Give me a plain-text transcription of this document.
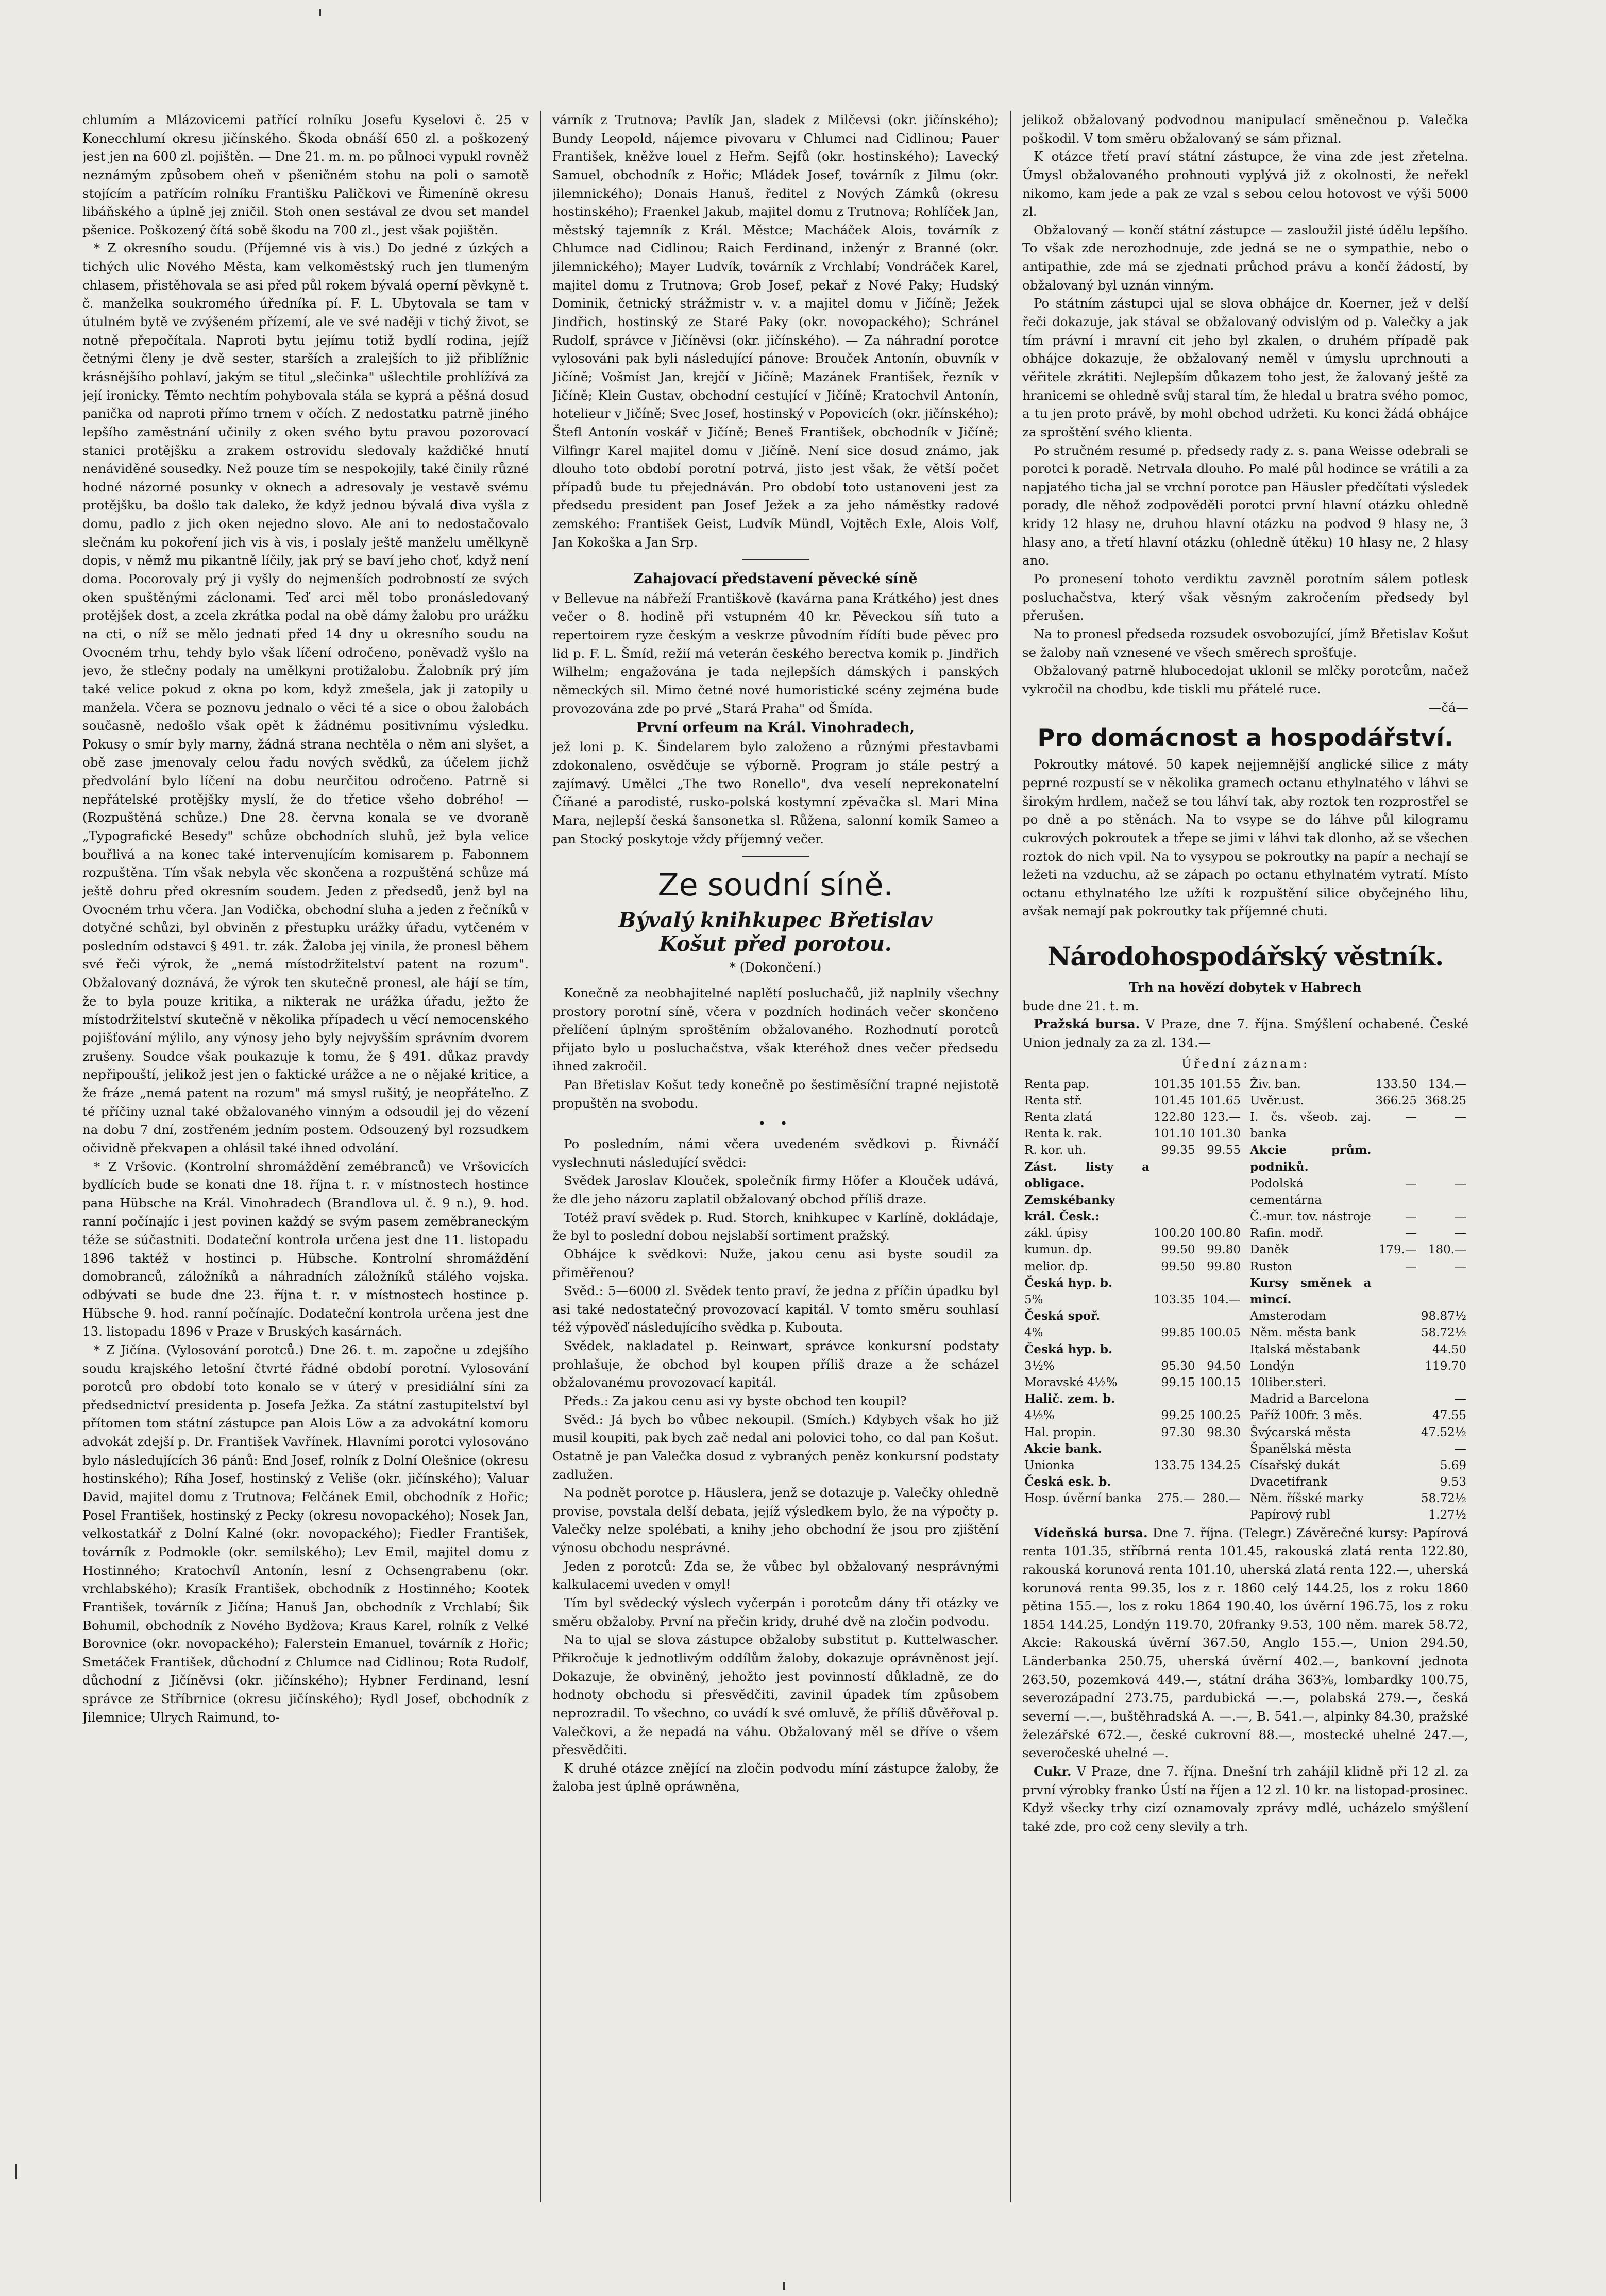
chlumím a Mlázovicemi patřící rolníku Josefu Kyselovi č. 25 v Konecchlumí okresu jičínského. Škoda obnáší 650 zl. a poškozený jest jen na 600 zl. pojištěn. — Dne 21. m. m. po půlnoci vypukl rovněž neznámým způsobem oheň v pšeničném stohu na poli o samotě stojícím a patřícím rolníku Františku Paličkovi ve Řimeníně okresu libáňského a úplně jej zničil. Stoh onen sestával ze dvou set mandel pšenice. Poškozený čítá sobě škodu na 700 zl., jest však pojištěn.

* Z okresního soudu. (Příjemné vis à vis.) Do jedné z úzkých a tichých ulic Nového Města, kam velkoměstský ruch jen tlumeným chlasem, přistěhovala se asi před půl rokem bývalá operní pěvkyně t. č. manželka soukromého úředníka pí. F. L. Ubytovala se tam v útulném bytě ve zvýšeném přízemí, ale ve své naději v tichý život, se notně přepočítala. Naproti bytu jejímu totiž bydlí rodina, jejíž četnými členy je dvě sester, starších a zralejších to již přiblížnic krásnějšího pohlaví, jakým se titul „slečinka" ušlechtile prohlížívá za její ironicky. Těmto nechtím pohybovala stála se kyprá a pěšná dosud panička od naproti přímo trnem v očích. Z nedostatku patrně jiného lepšího zaměstnání učinily z oken svého bytu pravou pozorovací stanici protějšku a zrakem ostrovidu sledovaly každičké hnutí nenáviděné sousedky. Než pouze tím se nespokojily, také činily různé hodné názorné posunky v oknech a adresovaly je vestavě svému protějšku, ba došlo tak daleko, že když jednou bývalá diva vyšla z domu, padlo z jich oken nejedno slovo. Ale ani to nedostačovalo slečnám ku pokoření jich vis à vis, i poslaly ještě manželu umělkyně dopis, v němž mu pikantně líčily, jak prý se baví jeho choť, když není doma. Pocorovaly prý ji vyšly do nejmenších podrobností ze svých oken spuštěnými záclonami. Teď arci měl tobo pronásledovaný protějšek dost, a zcela zkrátka podal na obě dámy žalobu pro urážku na cti, o níž se mělo jednati před 14 dny u okresního soudu na Ovocném trhu, tehdy bylo však líčení odročeno, poněvadž vyšlo na jevo, že stlečny podaly na umělkyni protižalobu. Žalobník prý jím také velice pokud z okna po kom, když zmešela, jak ji zatopily u manžela. Včera se poznovu jednalo o věci té a sice o obou žalobách současně, nedošlo však opět k žádnému positivnímu výsledku. Pokusy o smír byly marny, žádná strana nechtěla o něm ani slyšet, a obě zase jmenovaly celou řadu nových svědků, za účelem jichž předvolání bylo líčení na dobu neurčitou odročeno. Patrně si nepřátelské protějšky myslí, že do třetice všeho dobrého! — (Rozpuštěná schůze.) Dne 28. června konala se ve dvoraně „Typografické Besedy" schůze obchodních sluhů, jež byla velice bouřlivá a na konec také intervenujícím komisarem p. Fabonnem rozpuštěna. Tím však nebyla věc skončena a rozpuštěná schůze má ještě dohru před okresním soudem. Jeden z předsedů, jenž byl na Ovocném trhu včera. Jan Vodička, obchodní sluha a jeden z řečníků v dotyčné schůzi, byl obviněn z přestupku urážky úřadu, vytčeném v posledním odstavci § 491. tr. zák. Žaloba jej vinila, že pronesl během své řeči výrok, že „nemá místodržitelství patent na rozum". Obžalovaný doznává, že výrok ten skutečně pronesl, ale hájí se tím, že to byla pouze kritika, a nikterak ne urážka úřadu, ježto že místodržitelství skutečně v několika případech u věcí nemocenského pojišťování mýlilo, any výnosy jeho byly nejvyšším správním dvorem zrušeny. Soudce však poukazuje k tomu, že § 491. důkaz pravdy nepřipouští, jelikož jest jen o faktické urážce a ne o nějaké kritice, a že fráze „nemá patent na rozum" má smysl rušitý, je neopřáteľno. Z té příčiny uznal také obžalovaného vinným a odsoudil jej do vězení na dobu 7 dní, zostřeném jedním postem. Odsouzený byl rozsudkem očividně překvapen a ohlásil také ihned odvolání.

* Z Vršovic. (Kontrolní shromáždění zemébranců) ve Vršovicích bydlících bude se konati dne 18. října t. r. v místnostech hostince pana Hübsche na Král. Vinohradech (Brandlova ul. č. 9 n.), 9. hod. ranní počínajíc i jest povinen každý se svým pasem zeměbraneckým téže se súčastniti. Dodateční kontrola určena jest dne 11. listopadu 1896 taktéž v hostinci p. Hübsche. Kontrolní shromáždění domobranců, záložníků a náhradních záložníků stálého vojska. odbývati se bude dne 23. října t. r. v místnostech hostince p. Hübsche 9. hod. ranní počínajíc. Dodateční kontrola určena jest dne 13. listopadu 1896 v Praze v Bruských kasárnách.

* Z Jičína. (Vylosování porotců.) Dne 26. t. m. započne u zdejšího soudu krajského letošní čtvrté řádné období porotní. Vylosování porotců pro období toto konalo se v úterý v presidiální síni za předsednictví presidenta p. Josefa Ježka. Za státní zastupitelství byl přítomen tom státní zástupce pan Alois Löw a za advokátní komoru advokát zdejší p. Dr. František Vavřínek. Hlavními porotci vylosováno bylo následujících 36 pánů: End Josef, rolník z Dolní Olešnice (okresu hostinského); Ríha Josef, hostinský z Veliše (okr. jičínského); Valuar David, majitel domu z Trutnova; Felčánek Emil, obchodník z Hořic; Posel František, hostinský z Pecky (okresu novopackého); Nosek Jan, velkostatkář z Dolní Kalné (okr. novopackého); Fiedler František, továrník z Podmokle (okr. semilského); Lev Emil, majitel domu z Hostinného; Kratochvíl Antonín, lesní z Ochsengrabenu (okr. vrchlabského); Krasík František, obchodník z Hostinného; Kootek František, továrník z Jičína; Hanuš Jan, obchodník z Vrchlabí; Šik Bohumil, obchodník z Nového Bydžova; Kraus Karel, rolník z Velké Borovnice (okr. novopackého); Falerstein Emanuel, továrník z Hořic; Smetáček František, důchodní z Chlumce nad Cidlinou; Rota Rudolf, důchodní z Jičíněvsi (okr. jičínského); Hybner Ferdinand, lesní správce ze Stříbrnice (okresu jičínského); Rydl Josef, obchodník z Jilemnice; Ulrych Raimund, to-

várník z Trutnova; Pavlík Jan, sladek z Milčevsi (okr. jičínského); Bundy Leopold, nájemce pivovaru v Chlumci nad Cidlinou; Pauer František, kněžve louel z Heřm. Sejfů (okr. hostinského); Lavecký Samuel, obchodník z Hořic; Mládek Josef, továrník z Jilmu (okr. jilemnického); Donais Hanuš, ředitel z Nových Zámků (okresu hostinského); Fraenkel Jakub, majitel domu z Trutnova; Rohlíček Jan, městský tajemník z Král. Městce; Macháček Alois, továrník z Chlumce nad Cidlinou; Raich Ferdinand, inženýr z Branné (okr. jilemnického); Mayer Ludvík, továrník z Vrchlabí; Vondráček Karel, majitel domu z Trutnova; Grob Josef, pekař z Nové Paky; Hudský Dominik, četnický strážmistr v. v. a majitel domu v Jičíně; Ježek Jindřich, hostinský ze Staré Paky (okr. novopackého); Schránel Rudolf, správce v Jičíněvsi (okr. jičínského). — Za náhradní porotce vylosováni pak byli následující pánove: Brouček Antonín, obuvník v Jičíně; Vošmíst Jan, krejčí v Jičíně; Mazánek František, řezník v Jičíně; Klein Gustav, obchodní cestující v Jičíně; Kratochvil Antonín, hotelieur v Jičíně; Svec Josef, hostinský v Popovicích (okr. jičínského); Štefl Antonín voskář v Jičíně; Beneš František, obchodník v Jičíně; Vilfingr Karel majitel domu v Jičíně. Není sice dosud známo, jak dlouho toto období porotní potrvá, jisto jest však, že větší počet případů bude tu přejednáván. Pro období toto ustanoveni jest za předsedu president pan Josef Ježek a za jeho náměstky radové zemského: František Geist, Ludvík Mündl, Vojtěch Exle, Alois Volf, Jan Kokoška a Jan Srp.

Zahajovací představení pěvecké síně

v Bellevue na nábřeží Františkově (kavárna pana Krátkého) jest dnes večer o 8. hodině při vstupném 40 kr. Pěveckou síň tuto a repertoirem ryze českým a veskrze původním řídíti bude pěvec pro lid p. F. L. Šmíd, režií má veterán českého berectva komik p. Jindřich Wilhelm; engažována je tada nejlepších dámských i panských německých sil. Mimo četné nové humoristické scény zejména bude provozována zde po prvé „Stará Praha" od Šmída.

První orfeum na Král. Vinohradech,

jež loni p. K. Šindelarem bylo založeno a různými přestavbami zdokonaleno, osvědčuje se výborně. Program jo stále pestrý a zajímavý. Umělci „The two Ronello", dva veselí neprekonatelní Číňané a parodisté, rusko-polská kostymní zpěvačka sl. Mari Mina Mara, nejlepší česká šansonetka sl. Růžena, salonní komik Sameo a pan Stocký poskytoje vždy příjemný večer.

Ze soudní síně.
Bývalý knihkupec Břetislav
Košut před porotou.
* (Dokončení.)

Konečně za neobhajitelné naplětí posluchačů, již naplnily všechny prostory porotní síně, včera v pozdních hodinách večer skončeno přelíčení úplným sproštěním obžalovaného. Rozhodnutí porotců přijato bylo u posluchačstva, však kteréhož dnes večer předsedu ihned zakročil.

Pan Břetislav Košut tedy konečně po šestiměsíční trapné nejistotě propuštěn na svobodu.

• •

Po posledním, námi včera uvedeném svědkovi p. Řivnáčí vyslechnuti následující svědci:

Svědek Jaroslav Klouček, společník firmy Höfer a Klouček udává, že dle jeho názoru zaplatil obžalovaný obchod příliš draze.

Totéž praví svědek p. Rud. Storch, knihkupec v Karlíně, dokládaje, že byl to poslední dobou nejslabší sortiment pražský.

Obhájce k svědkovi: Nuže, jakou cenu asi byste soudil za přiměřenou?

Svěd.: 5—6000 zl. Svědek tento praví, že jedna z příčin úpadku byl asi také nedostatečný provozovací kapitál. V tomto směru souhlasí též výpověď následujícího svědka p. Kubouta.

Svědek, nakladatel p. Reinwart, správce konkursní podstaty prohlašuje, že obchod byl koupen příliš draze a že scházel obžalovanému provozovací kapitál.

Předs.: Za jakou cenu asi vy byste obchod ten koupil?

Svěd.: Já bych bo vůbec nekoupil. (Smích.) Kdybych však ho již musil koupiti, pak bych zač nedal ani polovici toho, co dal pan Košut. Ostatně je pan Valečka dosud z vybraných peněz konkursní podstaty zadlužen.

Na podnět porotce p. Häuslera, jenž se dotazuje p. Valečky ohledně provise, povstala delší debata, jejíž výsledkem bylo, že na výpočty p. Valečky nelze spolébati, a knihy jeho obchodní že jsou pro zjištění výnosu obchodu nesprávné.

Jeden z porotců: Zda se, že vůbec byl obžalovaný nesprávnými kalkulacemi uveden v omyl!

Tím byl svědecký výslech vyčerpán i porotcům dány tři otázky ve směru obžaloby. První na přečin kridy, druhé dvě na zločin podvodu.

Na to ujal se slova zástupce obžaloby substitut p. Kuttelwascher. Přikročuje k jednotlivým oddílům žaloby, dokazuje oprávněnost její. Dokazuje, že obviněný, jehožto jest povinností důkladně, ze do hodnoty obchodu si přesvědčiti, zavinil úpadek tím způsobem neprozradil. To všechno, co uvádí k své omluvě, že příliš důvěřoval p. Valečkovi, a že nepadá na váhu. Obžalovaný měl se dříve o všem přesvědčiti.

K druhé otázce znějící na zločin podvodu míní zástupce žaloby, že žaloba jest úplně opráwněna,

jelikož obžalovaný podvodnou manipulací směnečnou p. Valečka poškodil. V tom směru obžalovaný se sám přiznal.

K otázce třetí praví státní zástupce, že vina zde jest zřetelna. Úmysl obžalovaného prohnouti vyplývá již z okolnosti, že neřekl nikomo, kam jede a pak ze vzal s sebou celou hotovost ve výši 5000 zl.

Obžalovaný — končí státní zástupce — zasloužil jisté údělu lepšího. To však zde nerozhodnuje, zde jedná se ne o sympathie, nebo o antipathie, zde má se zjednati průchod právu a končí žádostí, by obžalovaný byl uznán vinným.

Po státním zástupci ujal se slova obhájce dr. Koerner, jež v delší řeči dokazuje, jak stával se obžalovaný odvislým od p. Valečky a jak tím právní i mravní cit jeho byl zkalen, o druhém případě pak obhájce dokazuje, že obžalovaný neměl v úmyslu uprchnouti a věřitele zkrátiti. Nejlepším důkazem toho jest, že žalovaný ještě za hranicemi se ohledně svůj staral tím, že hledal u bratra svého pomoc, a tu jen proto právě, by mohl obchod udržeti. Ku konci žádá obhájce za sproštění svého klienta.

Po stručném resumé p. předsedy rady z. s. pana Weisse odebrali se porotci k poradě. Netrvala dlouho. Po malé půl hodince se vrátili a za napjatého ticha jal se vrchní porotce pan Häusler předčítati výsledek porady, dle něhož zodpověděli porotci první hlavní otázku ohledně kridy 12 hlasy ne, druhou hlavní otázku na podvod 9 hlasy ne, 3 hlasy ano, a třetí hlavní otázku (ohledně útěku) 10 hlasy ne, 2 hlasy ano.

Po pronesení tohoto verdiktu zavzněl porotním sálem potlesk posluchačstva, který však věsným zakročením předsedy byl přerušen.

Na to pronesl předseda rozsudek osvobozující, jímž Břetislav Košut se žaloby naň vznesené ve všech směrech sprošťuje.

Obžalovaný patrně hlubocedojat uklonil se mlčky porotcům, načež vykročil na chodbu, kde tiskli mu přátelé ruce.

—čá—

Pro domácnost a hospodářství.

Pokroutky mátové. 50 kapek nejjemnější anglické silice z máty peprné rozpustí se v několika gramech octanu ethylnatého v láhvi se širokým hrdlem, načež se tou láhví tak, aby roztok ten rozprostřel se po dně a po stěnách. Na to vsype se do láhve půl kilogramu cukrových pokroutek a třepe se jimi v láhvi tak dlonho, až se všechen roztok do nich vpil. Na to vysypou se pokroutky na papír a nechají se ležeti na vzduchu, až se zápach po octanu ethylnatém vytratí. Místo octanu ethylnatého lze užíti k rozpuštění silice obyčejného lihu, avšak nemají pak pokroutky tak příjemné chuti.

Národohospodářský věstník.

Trh na hovězí dobytek v Habrech

bude dne 21. t. m.

Pražská bursa. V Praze, dne 7. října. Smýšlení ochabené. České Union jednaly za za zl. 134.—

Úřední záznam:
Renta pap.	101.35	101.55
Renta stř.	101.45	101.65
Renta zlatá	122.80	123.—
Renta k. rak.	101.10	101.30
R. kor. uh.	99.35	99.55
Zást. listy a obligace.		
Zemskébanky král. Česk.:		
zákl. úpisy	100.20	100.80
kumun. dp.	99.50	99.80
melior. dp.	99.50	99.80
Česká hyp. b.		
5%	103.35	104.—
Česká spoř.		
4%	99.85	100.05
Česká hyp. b.		
3½%	95.30	94.50
Moravské 4½%	99.15	100.15
Halič. zem. b.		
4½%	99.25	100.25
Hal. propin.	97.30	98.30
Akcie bank.		
Unionka	133.75	134.25
Česká esk. b.		
Hosp. úvěrní banka	275.—	280.—
Živ. ban.	133.50	134.—
Uvěr.ust.	366.25	368.25
I. čs. všeob. zaj. banka	—	—
Akcie prům. podniků.		
Podolská cementárna	—	—
Č.-mur. tov. nástroje	—	—
Rafin. modř.	—	—
Daněk	179.—	180.—
Ruston	—	—
Kursy směnek a mincí.		
Amsterodam		98.87½
Něm. města bank		58.72½
Italská městabank		44.50
Londýn 10liber.steri.		119.70
Madrid a Barcelona		—
Paříž 100fr. 3 měs.		47.55
Švýcarská města		47.52½
Španělská města		—
Císařský dukát		5.69
Dvacetifrank		9.53
Něm. říšské marky		58.72½
Papírový rubl		1.27½

Vídeňská bursa. Dne 7. října. (Telegr.) Závěrečné kursy: Papírová renta 101.35, stříbrná renta 101.45, rakouská zlatá renta 122.80, rakouská korunová renta 101.10, uherská zlatá renta 122.—, uherská korunová renta 99.35, los z r. 1860 celý 144.25, los z roku 1860 pětina 155.—, los z roku 1864 190.40, los úvěrní 196.75, los z roku 1854 144.25, Londýn 119.70, 20franky 9.53, 100 něm. marek 58.72, Akcie: Rakouská úvěrní 367.50, Anglo 155.—, Union 294.50, Länderbanka 250.75, uherská úvěrní 402.—, bankovní jednota 263.50, pozemková 449.—, státní dráha 363⅝, lombardky 100.75, severozápadní 273.75, pardubická —.—, polabská 279.—, česká severní —.—, buštěhradská A. —.—, B. 541.—, alpinky 84.30, pražské železářské 672.—, české cukrovní 88.—, mostecké uhelné 247.—, severočeské uhelné —.

Cukr. V Praze, dne 7. října. Dnešní trh zahájil klidně při 12 zl. za první výrobky franko Ústí na říjen a 12 zl. 10 kr. na listopad-prosinec. Když všecky trhy cizí oznamovaly zprávy mdlé, ucházelo smýšlení také zde, pro což ceny slevily a trh.
